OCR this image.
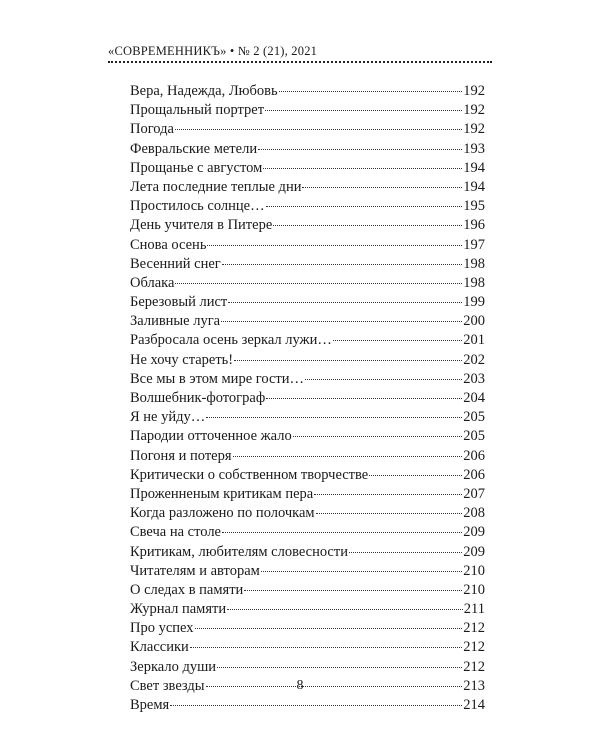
«СОВРЕМЕННИКЪ» • № 2 (21), 2021
Вера, Надежда, Любовь	192
Прощальный портрет	192
Погода	192
Февральские метели	193
Прощанье с августом	194
Лета последние теплые дни	194
Простилось солнце…	195
День учителя в Питере	196
Снова осень	197
Весенний снег	198
Облака	198
Березовый лист	199
Заливные луга	200
Разбросала осень зеркал лужи…	201
Не хочу стареть!	202
Все мы в этом мире гости…	203
Волшебник-фотограф	204
Я не уйду…	205
Пародии отточенное жало	205
Погоня и потеря	206
Критически о собственном творчестве	206
Проженненым критикам пера	207
Когда разложено по полочкам	208
Свеча на столе	209
Критикам, любителям словесности	209
Читателям и авторам	210
О следах в памяти	210
Журнал памяти	211
Про успех	212
Классики	212
Зеркало души	212
Свет звезды	213
Время	214
8
